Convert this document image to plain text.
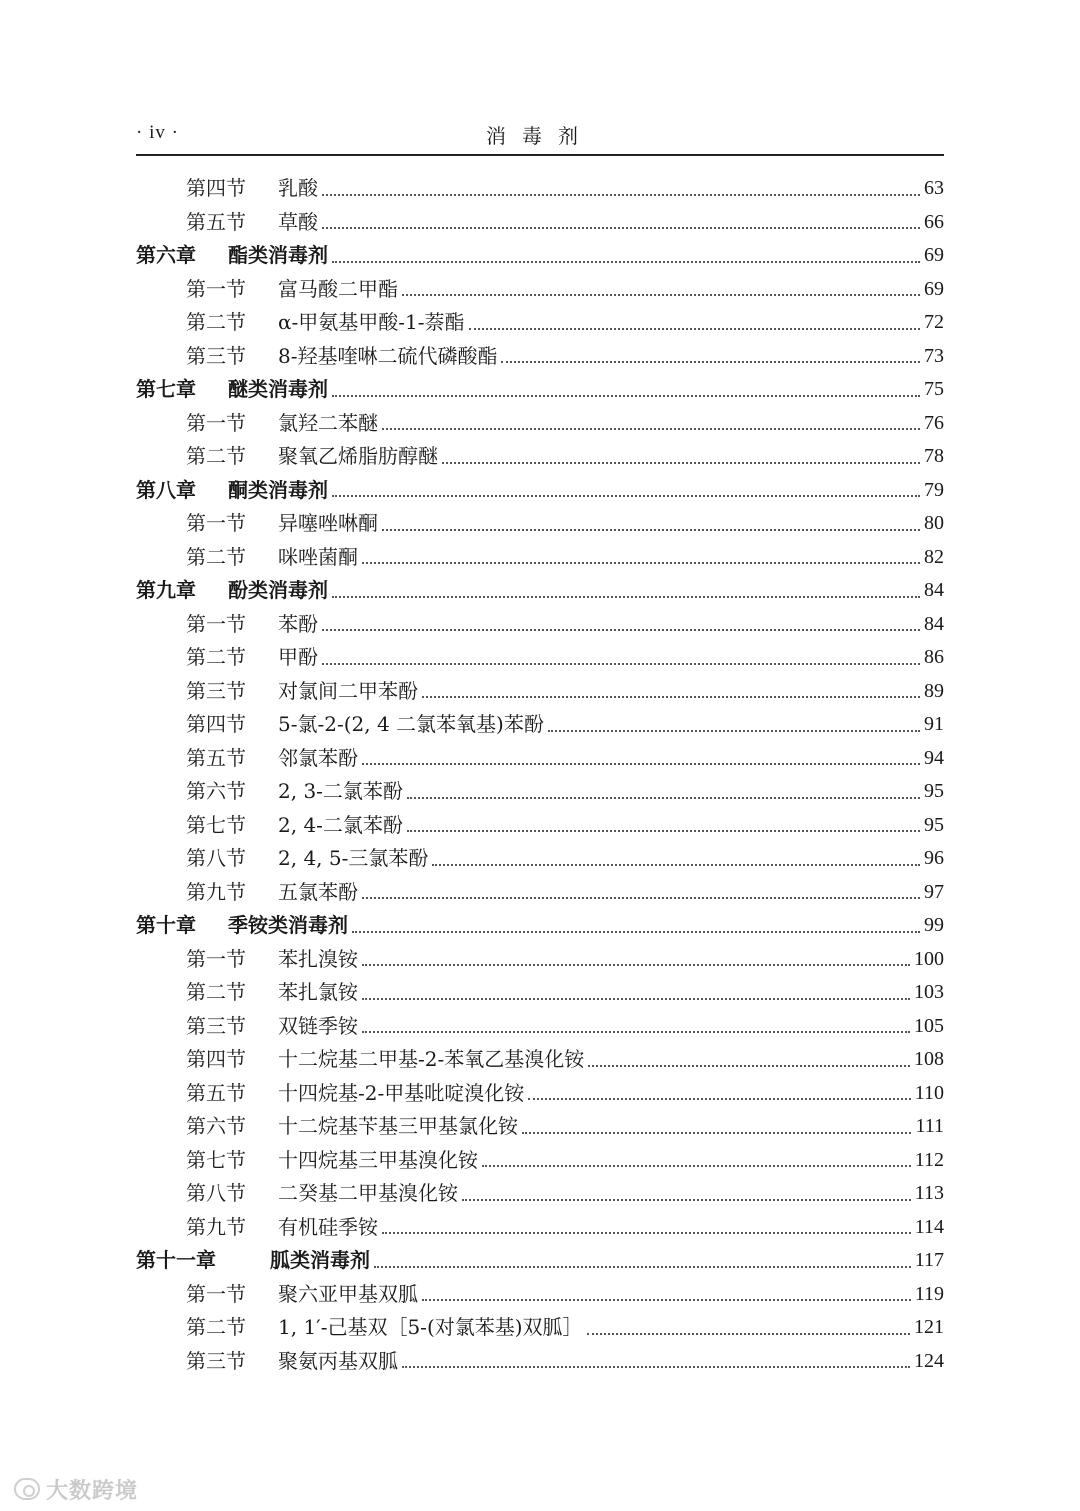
· iv ·	消毒剂
第四节	乳酸	63
第五节	草酸	66
第六章	酯类消毒剂	69
第一节	富马酸二甲酯	69
第二节	α-甲氨基甲酸-1-萘酯	72
第三节	8-羟基喹啉二硫代磷酸酯	73
第七章	醚类消毒剂	75
第一节	氯羟二苯醚	76
第二节	聚氧乙烯脂肪醇醚	78
第八章	酮类消毒剂	79
第一节	异噻唑啉酮	80
第二节	咪唑菌酮	82
第九章	酚类消毒剂	84
第一节	苯酚	84
第二节	甲酚	86
第三节	对氯间二甲苯酚	89
第四节	5-氯-2-(2, 4 二氯苯氧基)苯酚	91
第五节	邻氯苯酚	94
第六节	2, 3-二氯苯酚	95
第七节	2, 4-二氯苯酚	95
第八节	2, 4, 5-三氯苯酚	96
第九节	五氯苯酚	97
第十章	季铵类消毒剂	99
第一节	苯扎溴铵	100
第二节	苯扎氯铵	103
第三节	双链季铵	105
第四节	十二烷基二甲基-2-苯氧乙基溴化铵	108
第五节	十四烷基-2-甲基吡啶溴化铵	110
第六节	十二烷基苄基三甲基氯化铵	111
第七节	十四烷基三甲基溴化铵	112
第八节	二癸基二甲基溴化铵	113
第九节	有机硅季铵	114
第十一章	胍类消毒剂	117
第一节	聚六亚甲基双胍	119
第二节	1, 1′-己基双［5-(对氯苯基)双胍］	121
第三节	聚氨丙基双胍	124
大数跨境
